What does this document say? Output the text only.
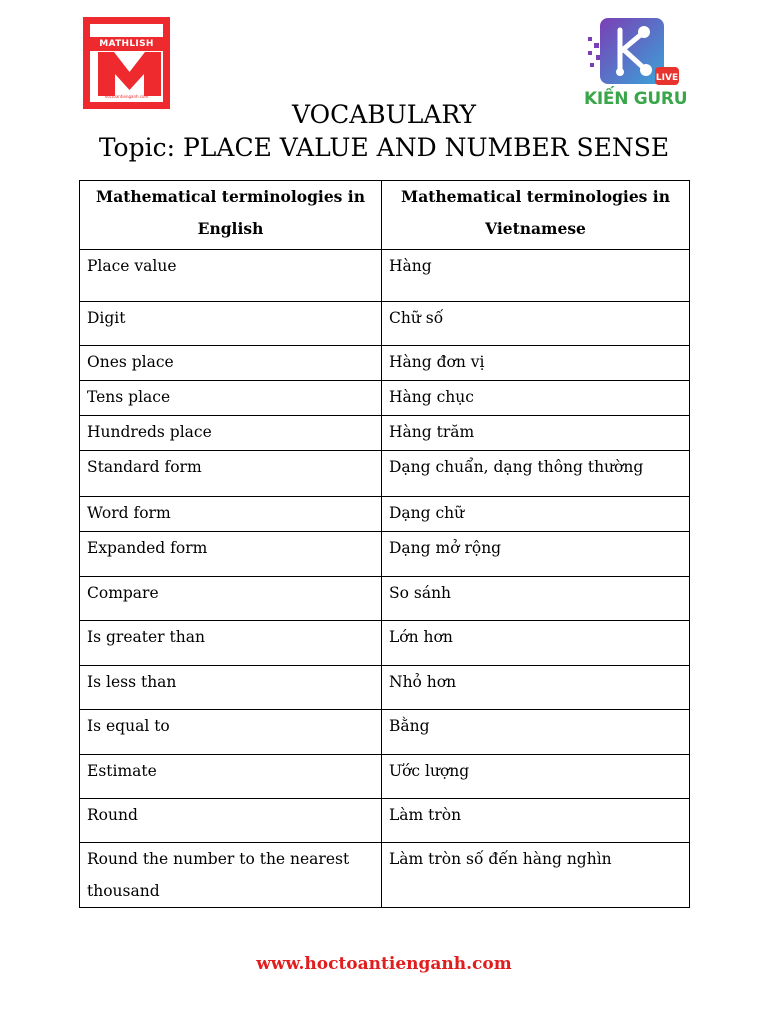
MATHLISH
hoctoantienganh.com
LIVE
KIẾN GURU
VOCABULARY
Topic: PLACE VALUE AND NUMBER SENSE
Mathematical terminologies in English	Mathematical terminologies in Vietnamese
Place value	Hàng
Digit	Chữ số
Ones place	Hàng đơn vị
Tens place	Hàng chục
Hundreds place	Hàng trăm
Standard form	Dạng chuẩn, dạng thông thường
Word form	Dạng chữ
Expanded form	Dạng mở rộng
Compare	So sánh
Is greater than	Lớn hơn
Is less than	Nhỏ hơn
Is equal to	Bằng
Estimate	Ước lượng
Round	Làm tròn
Round the number to the nearest thousand	Làm tròn số đến hàng nghìn
www.hoctoantienganh.com
